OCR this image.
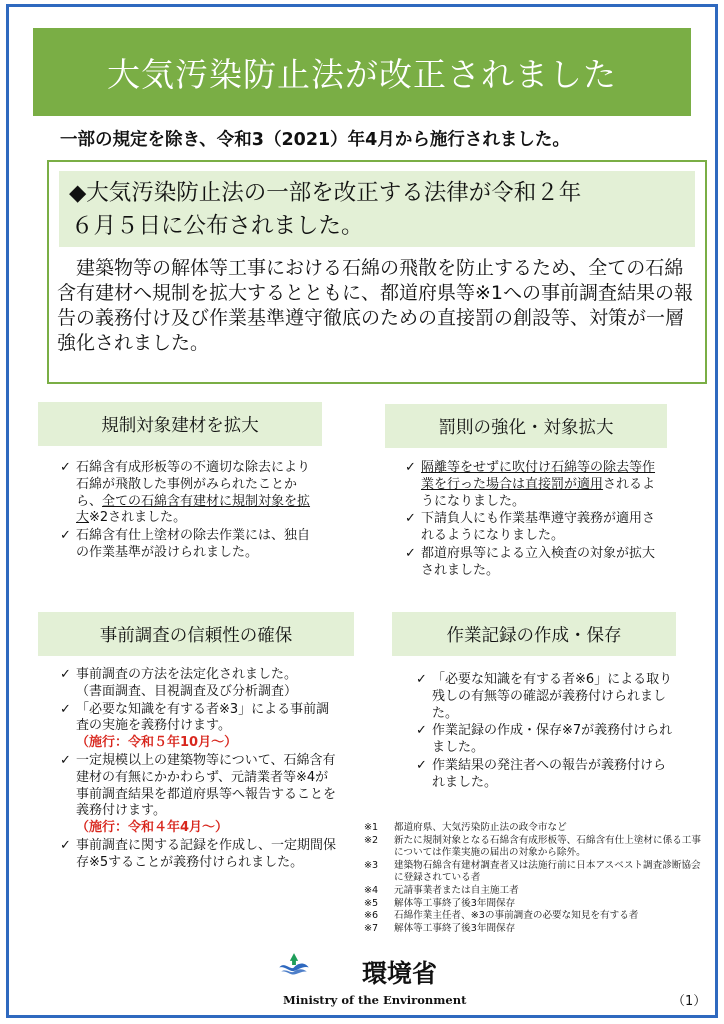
大気汚染防止法が改正されました
一部の規定を除き、令和3（2021）年4月から施行されました。
◆大気汚染防止法の一部を改正する法律が令和２年
６月５日に公布されました。
建築物等の解体等工事における石綿の飛散を防止するため、全ての石綿含有建材へ規制を拡大するとともに、都道府県等※1への事前調査結果の報告の義務付け及び作業基準遵守徹底のための直接罰の創設等、対策が一層強化されました。
規制対象建材を拡大
✓ 石綿含有成形板等の不適切な除去により石綿が飛散した事例がみられたことから、全ての石綿含有建材に規制対象を拡大※2されました。
✓ 石綿含有仕上塗材の除去作業には、独自の作業基準が設けられました。
罰則の強化・対象拡大
✓ 隔離等をせずに吹付け石綿等の除去等作業を行った場合は直接罰が適用されるようになりました。
✓ 下請負人にも作業基準遵守義務が適用されるようになりました。
✓ 都道府県等による立入検査の対象が拡大されました。
事前調査の信頼性の確保
✓ 事前調査の方法を法定化されました。
（書面調査、目視調査及び分析調査）
✓ 「必要な知識を有する者※3」による事前調査の実施を義務付けます。
（施行：令和５年10月～）
✓ 一定規模以上の建築物等について、石綿含有建材の有無にかかわらず、元請業者等※4が事前調査結果を都道府県等へ報告することを義務付けます。
（施行：令和４年4月～）
✓ 事前調査に関する記録を作成し、一定期間保存※5することが義務付けられました。
作業記録の作成・保存
✓ 「必要な知識を有する者※6」による取り残しの有無等の確認が義務付けられました。
✓ 作業記録の作成・保存※7が義務付けられました。
✓ 作業結果の発注者への報告が義務付けられました。
※1	都道府県、大気汚染防止法の政令市など
※2	新たに規制対象となる石綿含有成形板等、石綿含有仕上塗材に係る工事については作業実施の届出の対象から除外。
※3	建築物石綿含有建材調査者又は法施行前に日本アスベスト調査診断協会に登録されている者
※4	元請事業者または自主施工者
※5	解体等工事終了後3年間保存
※6	石綿作業主任者、※3の事前調査の必要な知見を有する者
※7	解体等工事終了後3年間保存
環境省
Ministry of the Environment	（1）
